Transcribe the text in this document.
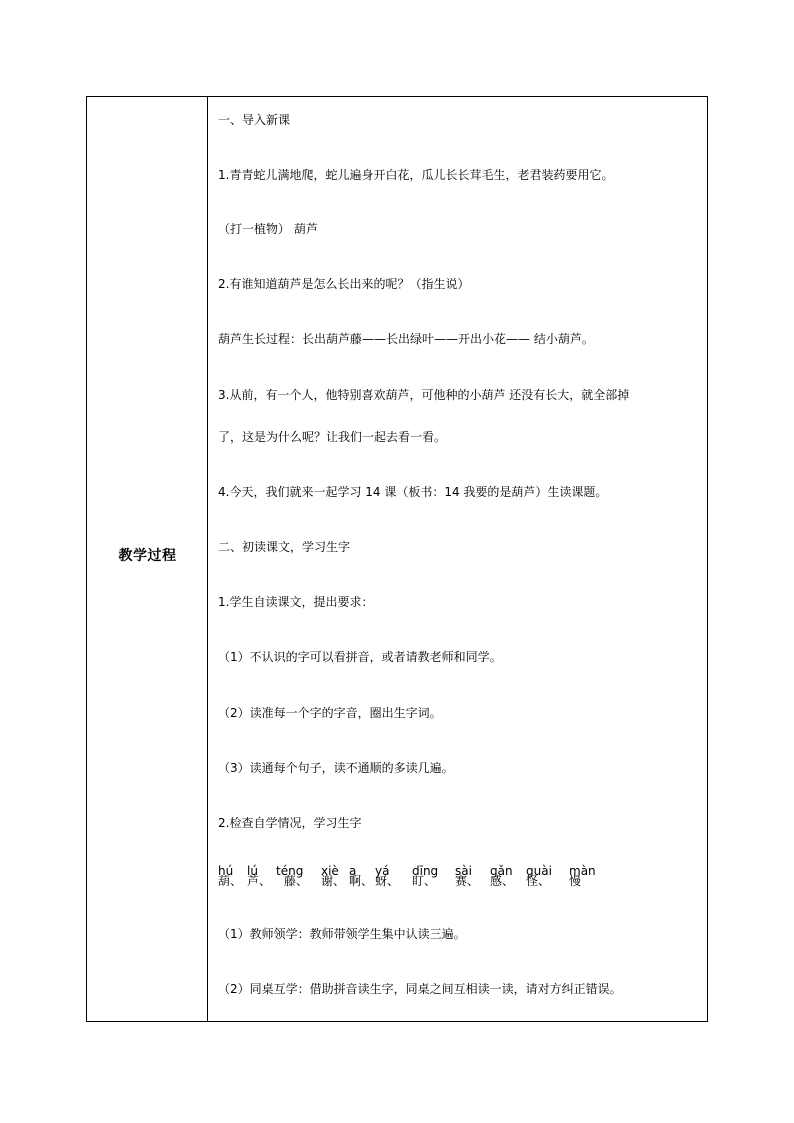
教学过程
一、导入新课
1.青青蛇儿满地爬，蛇儿遍身开白花，瓜儿长长茸毛生，老君装药要用它。
（打一植物） 葫芦
2.有谁知道葫芦是怎么长出来的呢？（指生说）
葫芦生长过程：长出葫芦藤——长出绿叶——开出小花—— 结小葫芦。
3.从前，有一个人，他特别喜欢葫芦，可他种的小葫芦 还没有长大，就全部掉
了，这是为什么呢？让我们一起去看一看。
4.今天，我们就来一起学习 14 课（板书：14 我要的是葫芦）生读课题。
二、初读课文，学习生字
1.学生自读课文，提出要求：
（1）不认识的字可以看拼音，或者请教老师和同学。
（2）读准每一个字的字音，圈出生字词。
（3）读通每个句子，读不通顺的多读几遍。
2.检查自学情况，学习生字
hú
葫、
lú
芦、
téng
藤、
xiè
谢、
a
啊、
yá
蚜、
dīng
盯、
sài
赛、
gǎn
感、
guài
怪、
màn
慢
（1）教师领学：教师带领学生集中认读三遍。
（2）同桌互学：借助拼音读生字，同桌之间互相读一读，请对方纠正错误。
